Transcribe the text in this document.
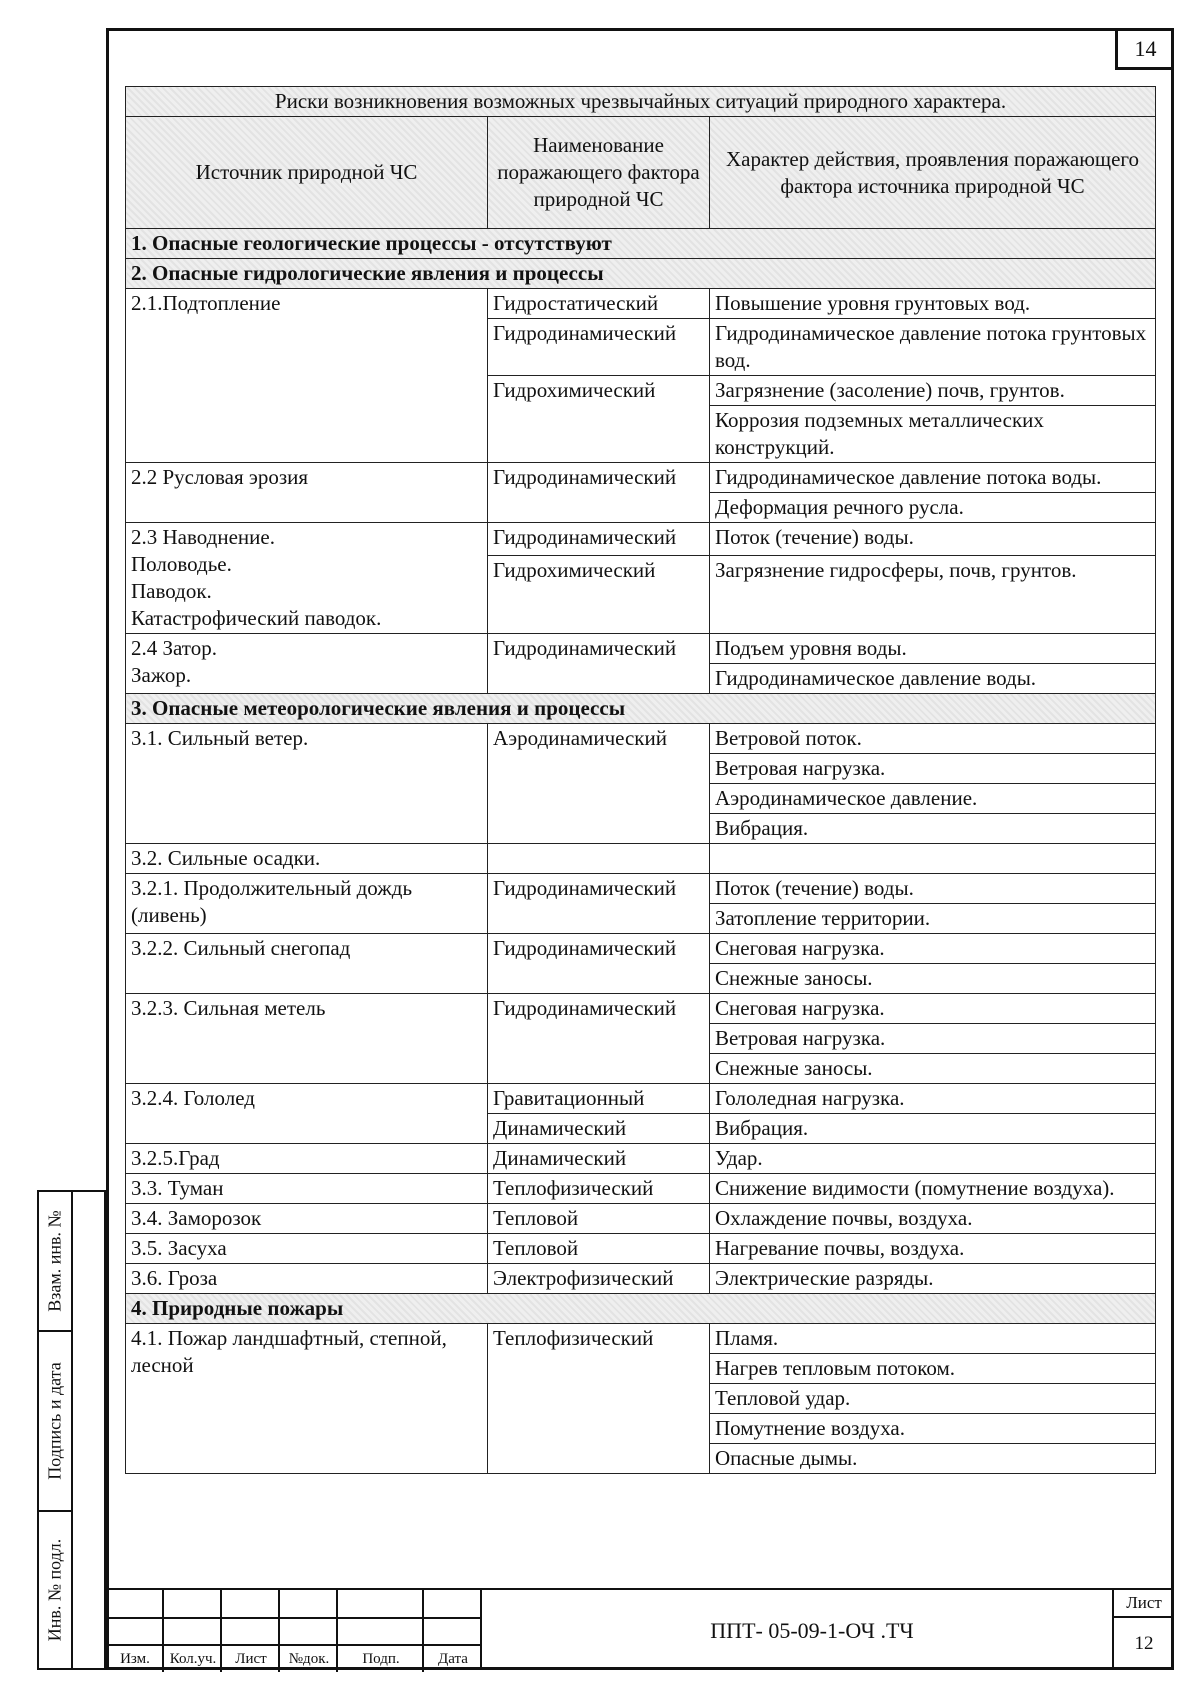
14
Взам. инв. №
Подпись и дата
Инв. № подл.
Риски возникновения возможных чрезвычайных ситуаций природного характера.		
Источник природной ЧС	Наименование поражающего фактора природной ЧС	Характер действия, проявления поражающего фактора источника природной ЧС
1. Опасные геологические процессы - отсутствуют		
2. Опасные гидрологические явления и процессы		
2.1.Подтопление	Гидростатический	Повышение уровня грунтовых вод.
	Гидродинамический	Гидродинамическое давление потока грунтовых вод.
	Гидрохимический	Загрязнение (засоление) почв, грунтов.
		Коррозия подземных металлических конструкций.
2.2 Русловая эрозия	Гидродинамический	Гидродинамическое давление потока воды.
		Деформация речного русла.
2.3 Наводнение.
Половодье.
Паводок.
Катастрофический паводок.	Гидродинамический	Поток (течение) воды.
	Гидрохимический	Загрязнение гидросферы, почв, грунтов.
2.4 Затор.
Зажор.	Гидродинамический	Подъем уровня воды.
		Гидродинамическое давление воды.
3. Опасные метеорологические явления и процессы		
3.1. Сильный ветер.	Аэродинамический	Ветровой поток.
		Ветровая нагрузка.
		Аэродинамическое давление.
		Вибрация.
3.2. Сильные осадки.		
3.2.1. Продолжительный дождь (ливень)	Гидродинамический	Поток (течение) воды.
		Затопление территории.
3.2.2. Сильный снегопад	Гидродинамический	Снеговая нагрузка.
		Снежные заносы.
3.2.3. Сильная метель	Гидродинамический	Снеговая нагрузка.
		Ветровая нагрузка.
		Снежные заносы.
3.2.4. Гололед	Гравитационный	Гололедная нагрузка.
	Динамический	Вибрация.
3.2.5.Град	Динамический	Удар.
3.3. Туман	Теплофизический	Снижение видимости (помутнение воздуха).
3.4. Заморозок	Тепловой	Охлаждение почвы, воздуха.
3.5. Засуха	Тепловой	Нагревание почвы, воздуха.
3.6. Гроза	Электрофизический	Электрические разряды.
4. Природные пожары		
4.1. Пожар ландшафтный, степной, лесной	Теплофизический	Пламя.
		Нагрев тепловым потоком.
		Тепловой удар.
		Помутнение воздуха.
		Опасные дымы.
Изм.	Кол.уч.	Лист	№док.	Подп.	Дата
ППТ- 05-09-1-ОЧ .ТЧ
Лист
12
